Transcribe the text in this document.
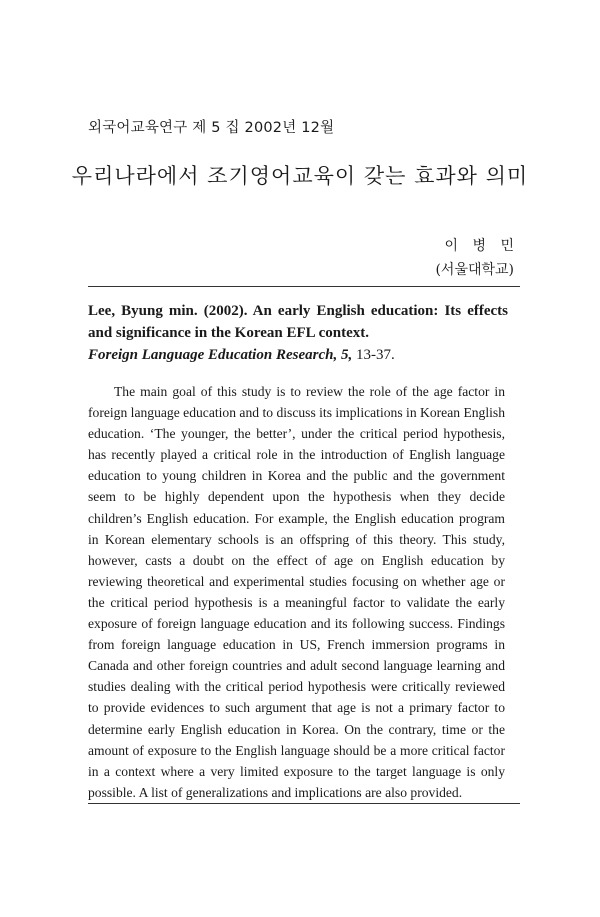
외국어교육연구 제 5 집 2002년 12월
우리나라에서 조기영어교육이 갖는 효과와 의미
이 병 민
(서울대학교)
Lee, Byung min. (2002). An early English education: Its effects and significance in the Korean EFL context.
Foreign Language Education Research, 5, 13-37.

The main goal of this study is to review the role of the age factor in foreign language education and to discuss its implications in Korean English education. ‘The younger, the better’, under the critical period hypothesis, has recently played a critical role in the introduction of English language education to young children in Korea and the public and the government seem to be highly dependent upon the hypothesis when they decide children’s English education. For example, the English education program in Korean elementary schools is an offspring of this theory. This study, however, casts a doubt on the effect of age on English education by reviewing theoretical and experimental studies focusing on whether age or the critical period hypothesis is a meaningful factor to validate the early exposure of foreign language education and its following success. Findings from foreign language education in US, French immersion programs in Canada and other foreign countries and adult second language learning and studies dealing with the critical period hypothesis were critically reviewed to provide evidences to such argument that age is not a primary factor to determine early English education in Korea. On the contrary, time or the amount of exposure to the English language should be a more critical factor in a context where a very limited exposure to the target language is only possible. A list of generalizations and implications are also provided.
